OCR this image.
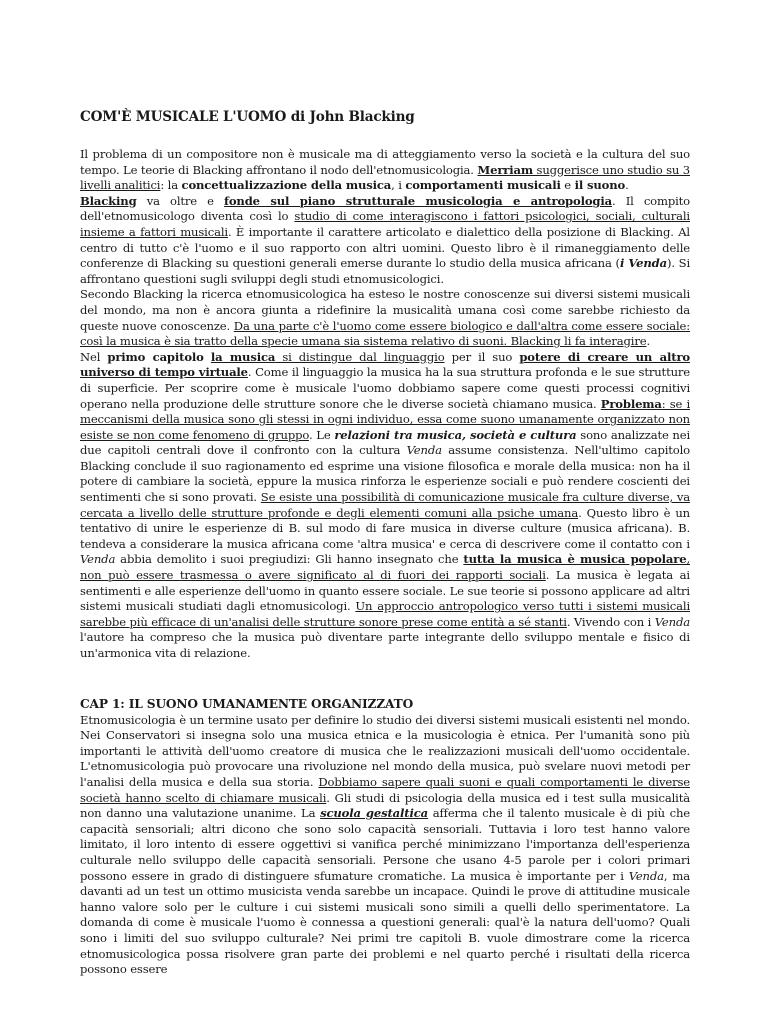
COM'È MUSICALE L'UOMO di John Blacking

Il problema di un compositore non è musicale ma di atteggiamento verso la società e la cultura del suo tempo. Le teorie di Blacking affrontano il nodo dell'etnomusicologia. Merriam suggerisce uno studio su 3 livelli analitici: la concettualizzazione della musica, i comportamenti musicali e il suono.

Blacking va oltre e fonde sul piano strutturale musicologia e antropologia. Il compito dell'etnomusicologo diventa così lo studio di come interagiscono i fattori psicologici, sociali, culturali insieme a fattori musicali. È importante il carattere articolato e dialettico della posizione di Blacking. Al centro di tutto c'è l'uomo e il suo rapporto con altri uomini. Questo libro è il rimaneggiamento delle conferenze di Blacking su questioni generali emerse durante lo studio della musica africana (i Venda). Si affrontano questioni sugli sviluppi degli studi etnomusicologici.

Secondo Blacking la ricerca etnomusicologica ha esteso le nostre conoscenze sui diversi sistemi musicali del mondo, ma non è ancora giunta a ridefinire la musicalità umana così come sarebbe richiesto da queste nuove conoscenze. Da una parte c'è l'uomo come essere biologico e dall'altra come essere sociale: così la musica è sia tratto della specie umana sia sistema relativo di suoni. Blacking li fa interagire.

Nel primo capitolo la musica si distingue dal linguaggio per il suo potere di creare un altro universo di tempo virtuale. Come il linguaggio la musica ha la sua struttura profonda e le sue strutture di superficie. Per scoprire come è musicale l'uomo dobbiamo sapere come questi processi cognitivi operano nella produzione delle strutture sonore che le diverse società chiamano musica. Problema: se i meccanismi della musica sono gli stessi in ogni individuo, essa come suono umanamente organizzato non esiste se non come fenomeno di gruppo. Le relazioni tra musica, società e cultura sono analizzate nei due capitoli centrali dove il confronto con la cultura Venda assume consistenza. Nell'ultimo capitolo Blacking conclude il suo ragionamento ed esprime una visione filosofica e morale della musica: non ha il potere di cambiare la società, eppure la musica rinforza le esperienze sociali e può rendere coscienti dei sentimenti che si sono provati. Se esiste una possibilità di comunicazione musicale fra culture diverse, va cercata a livello delle strutture profonde e degli elementi comuni alla psiche umana. Questo libro è un tentativo di unire le esperienze di B. sul modo di fare musica in diverse culture (musica africana). B. tendeva a considerare la musica africana come 'altra musica' e cerca di descrivere come il contatto con i Venda abbia demolito i suoi pregiudizi: Gli hanno insegnato che tutta la musica è musica popolare, non può essere trasmessa o avere significato al di fuori dei rapporti sociali. La musica è legata ai sentimenti e alle esperienze dell'uomo in quanto essere sociale. Le sue teorie si possono applicare ad altri sistemi musicali studiati dagli etnomusicologi. Un approccio antropologico verso tutti i sistemi musicali sarebbe più efficace di un'analisi delle strutture sonore prese come entità a sé stanti. Vivendo con i Venda l'autore ha compreso che la musica può diventare parte integrante dello sviluppo mentale e fisico di un'armonica vita di relazione.

CAP 1: IL SUONO UMANAMENTE ORGANIZZATO

Etnomusicologia è un termine usato per definire lo studio dei diversi sistemi musicali esistenti nel mondo. Nei Conservatori si insegna solo una musica etnica e la musicologia è etnica. Per l'umanità sono più importanti le attività dell'uomo creatore di musica che le realizzazioni musicali dell'uomo occidentale. L'etnomusicologia può provocare una rivoluzione nel mondo della musica, può svelare nuovi metodi per l'analisi della musica e della sua storia. Dobbiamo sapere quali suoni e quali comportamenti le diverse società hanno scelto di chiamare musicali. Gli studi di psicologia della musica ed i test sulla musicalità non danno una valutazione unanime. La scuola gestaltica afferma che il talento musicale è di più che capacità sensoriali; altri dicono che sono solo capacità sensoriali. Tuttavia i loro test hanno valore limitato, il loro intento di essere oggettivi si vanifica perché minimizzano l'importanza dell'esperienza culturale nello sviluppo delle capacità sensoriali. Persone che usano 4-5 parole per i colori primari possono essere in grado di distinguere sfumature cromatiche. La musica è importante per i Venda, ma davanti ad un test un ottimo musicista venda sarebbe un incapace. Quindi le prove di attitudine musicale hanno valore solo per le culture i cui sistemi musicali sono simili a quelli dello sperimentatore. La domanda di come è musicale l'uomo è connessa a questioni generali: qual'è la natura dell'uomo? Quali sono i limiti del suo sviluppo culturale? Nei primi tre capitoli B. vuole dimostrare come la ricerca etnomusicologica possa risolvere gran parte dei problemi e nel quarto perché i risultati della ricerca possono essere
